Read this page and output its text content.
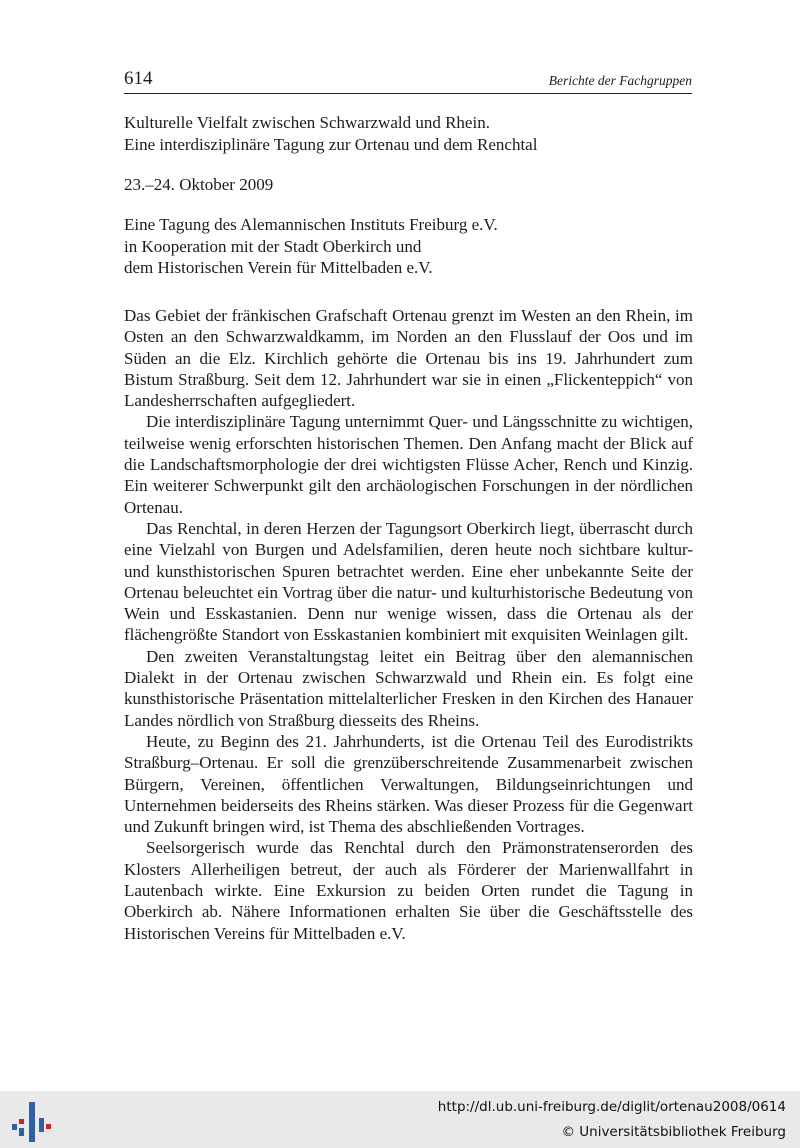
614	Berichte der Fachgruppen
Kulturelle Vielfalt zwischen Schwarzwald und Rhein.
Eine interdisziplinäre Tagung zur Ortenau und dem Renchtal
23.–24. Oktober 2009
Eine Tagung des Alemannischen Instituts Freiburg e.V.
in Kooperation mit der Stadt Oberkirch und
dem Historischen Verein für Mittelbaden e.V.

Das Gebiet der fränkischen Grafschaft Ortenau grenzt im Westen an den Rhein, im Osten an den Schwarzwaldkamm, im Norden an den Flusslauf der Oos und im Süden an die Elz. Kirchlich gehörte die Ortenau bis ins 19. Jahrhundert zum Bistum Straßburg. Seit dem 12. Jahrhundert war sie in einen „Flickenteppich“ von Landesherrschaften aufgegliedert.

Die interdisziplinäre Tagung unternimmt Quer- und Längsschnitte zu wichtigen, teilweise wenig erforschten historischen Themen. Den Anfang macht der Blick auf die Landschaftsmorphologie der drei wichtigsten Flüsse Acher, Rench und Kinzig. Ein weiterer Schwerpunkt gilt den archäologischen Forschungen in der nördlichen Ortenau.

Das Renchtal, in deren Herzen der Tagungsort Oberkirch liegt, überrascht durch eine Vielzahl von Burgen und Adelsfamilien, deren heute noch sichtbare kultur- und kunsthistorischen Spuren betrachtet werden. Eine eher unbekannte Seite der Ortenau beleuchtet ein Vortrag über die natur- und kulturhistorische Bedeutung von Wein und Esskastanien. Denn nur wenige wissen, dass die Ortenau als der flächengrößte Standort von Esskastanien kombiniert mit exquisiten Weinlagen gilt.

Den zweiten Veranstaltungstag leitet ein Beitrag über den alemannischen Dialekt in der Ortenau zwischen Schwarzwald und Rhein ein. Es folgt eine kunsthistorische Präsentation mittelalterlicher Fresken in den Kirchen des Hanauer Landes nördlich von Straßburg diesseits des Rheins.

Heute, zu Beginn des 21. Jahrhunderts, ist die Ortenau Teil des Eurodistrikts Straßburg–Ortenau. Er soll die grenzüberschreitende Zusammenarbeit zwischen Bürgern, Vereinen, öffentlichen Verwaltungen, Bildungseinrichtungen und Unternehmen beiderseits des Rheins stärken. Was dieser Prozess für die Gegenwart und Zukunft bringen wird, ist Thema des abschließenden Vortrages.

Seelsorgerisch wurde das Renchtal durch den Prämonstratenserorden des Klosters Allerheiligen betreut, der auch als Förderer der Marienwallfahrt in Lautenbach wirkte. Eine Exkursion zu beiden Orten rundet die Tagung in Oberkirch ab. Nähere Informationen erhalten Sie über die Geschäftsstelle des Historischen Vereins für Mittelbaden e.V.

http://dl.ub.uni-freiburg.de/diglit/ortenau2008/0614
© Universitätsbibliothek Freiburg
